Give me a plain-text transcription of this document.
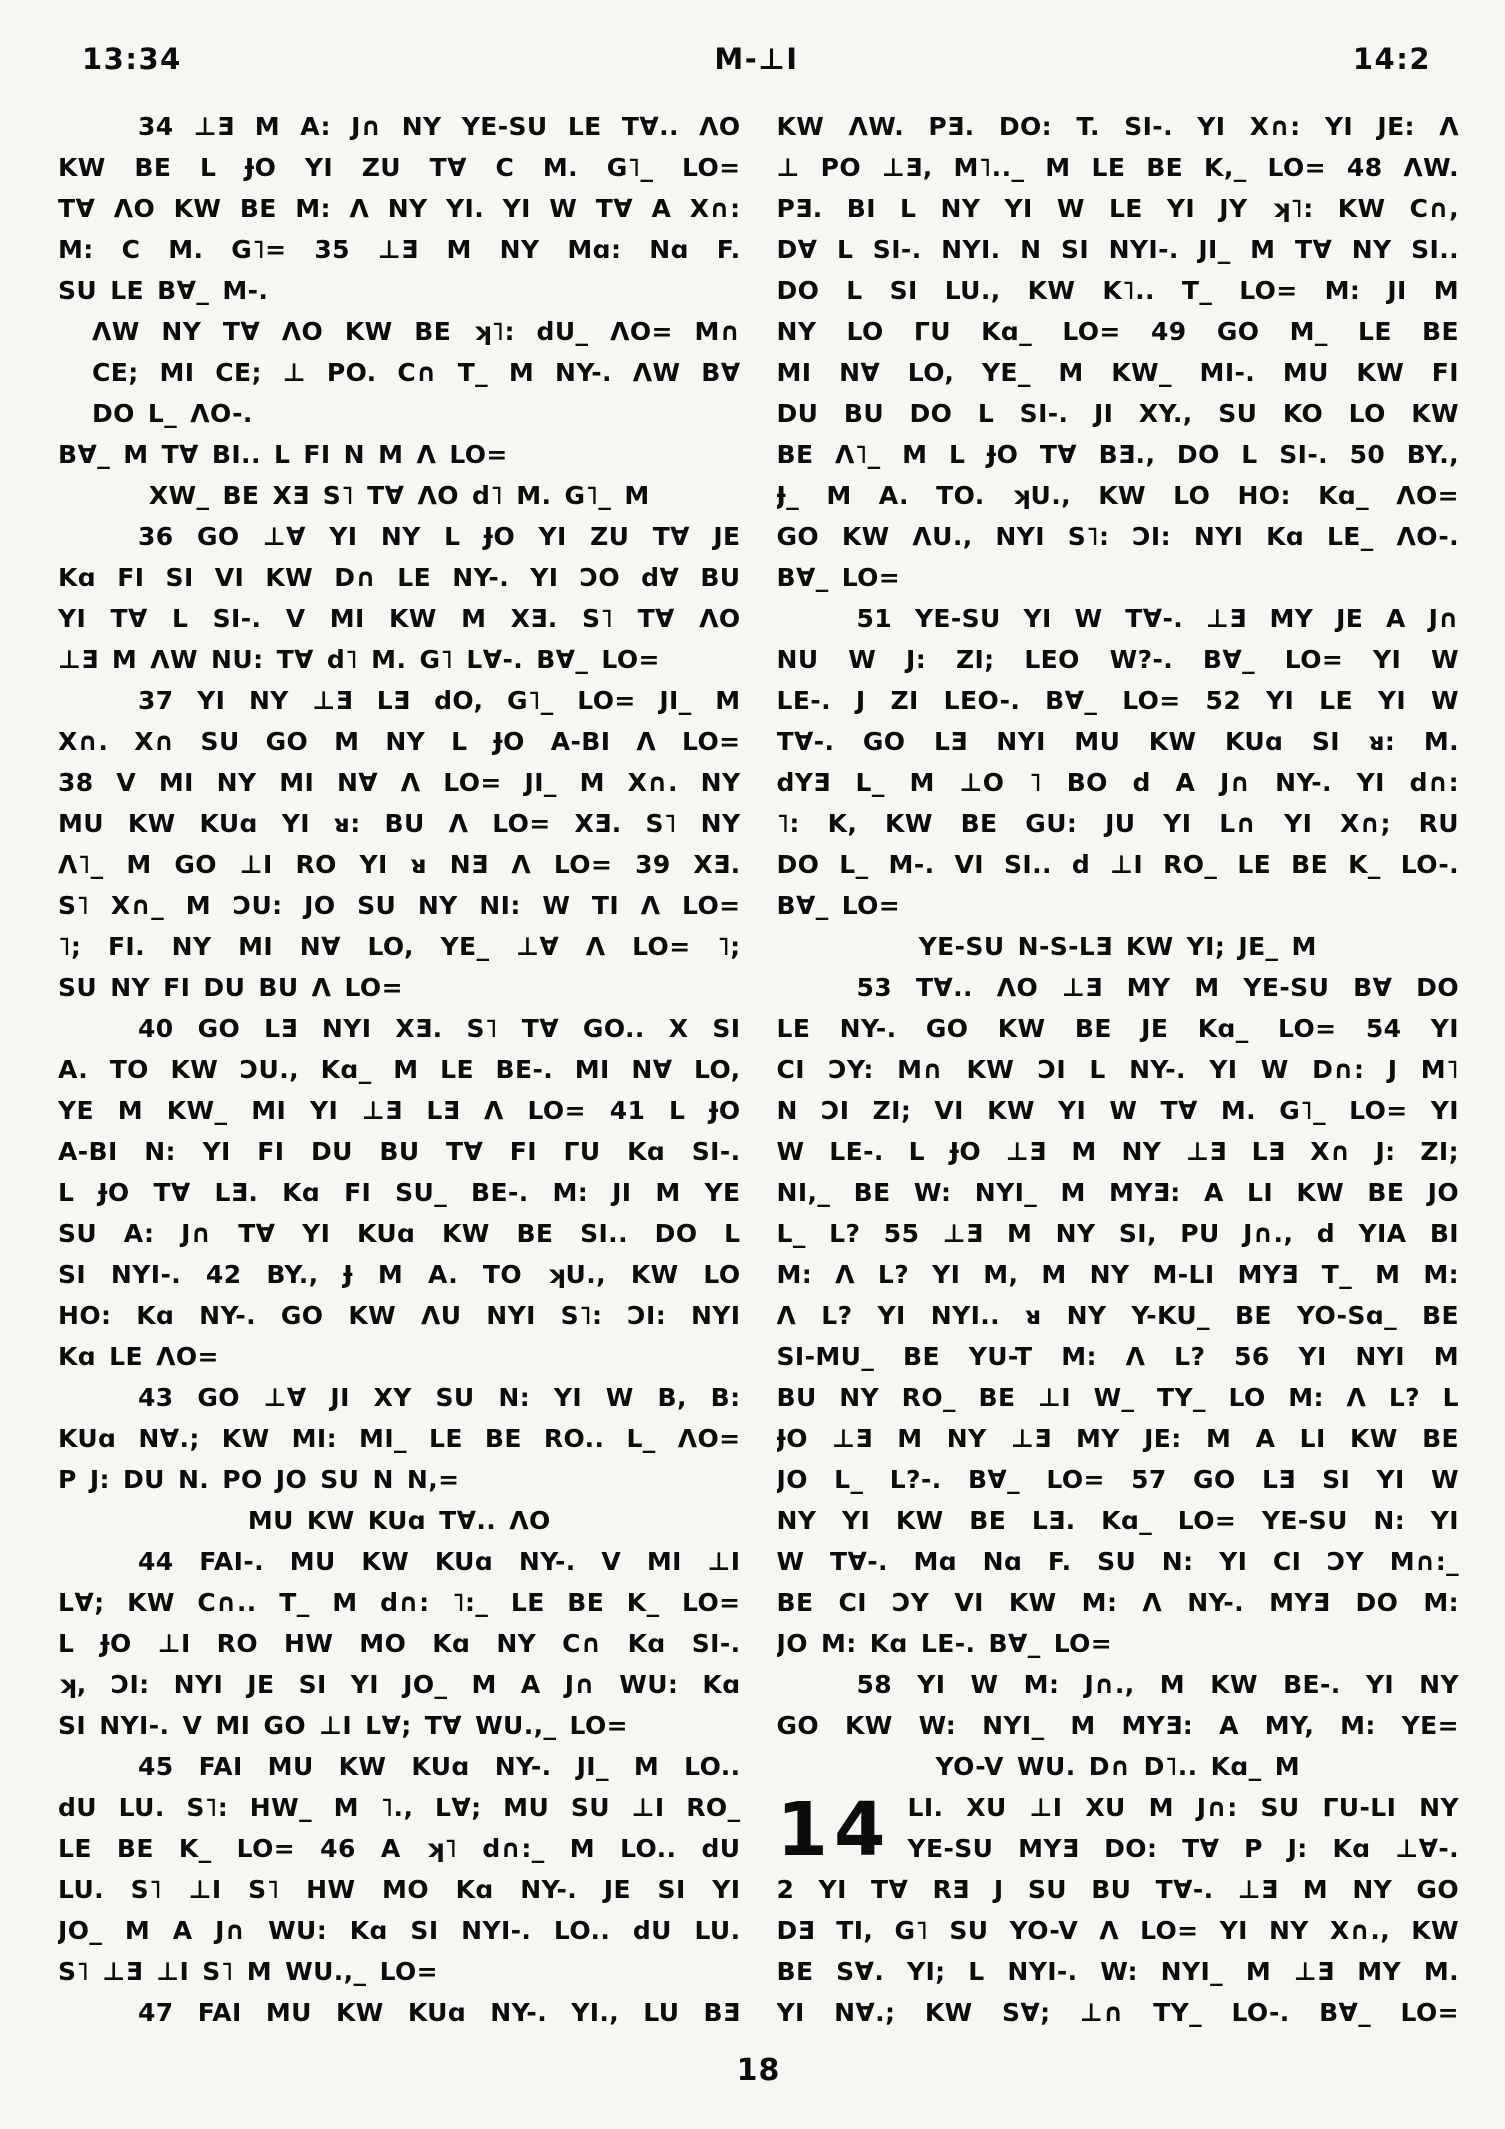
13:34	M-⊥I	14:2
34 ⊥Ǝ M A: J∩ NY YE-SU LE T∀.. ΛO
KW BE L ɈO YI ZU T∀ C M. G˥_ LO=
T∀ ΛO KW BE M: Λ NY YI. YI W T∀ A X∩:
M: C M. G˥= 35 ⊥Ǝ M NY Mɑ: Nɑ F.
SU LE B∀_ M-.
ΛW NY T∀ ΛO KW BE ʞ˥: dU_ ΛO= M∩
CE; MI CE; ⊥ PO. C∩ T_ M NY-. ΛW B∀
DO L_ ΛO-.
B∀_ M T∀ BI.. L FI N M Λ LO=
XW_ BE XƎ S˥ T∀ ΛO d˥ M. G˥_ M
36 GO ⊥∀ YI NY L ɈO YI ZU T∀ JE
Kɑ FI SI VI KW D∩ LE NY-. YI ƆO d∀ BU
YI T∀ L SI-. V MI KW M XƎ. S˥ T∀ ΛO
⊥Ǝ M ΛW NU: T∀ d˥ M. G˥ L∀-. B∀_ LO=
37 YI NY ⊥Ǝ LƎ dO, G˥_ LO= JI_ M
X∩. X∩ SU GO M NY L ɈO A-BI Λ LO=
38 V MI NY MI N∀ Λ LO= JI_ M X∩. NY
MU KW KUɑ YI ᴚ: BU Λ LO= XƎ. S˥ NY
Λ˥_ M GO ⊥I RO YI ᴚ NƎ Λ LO= 39 XƎ.
S˥ X∩_ M ƆU: JO SU NY NI: W TI Λ LO=
˥; FI. NY MI N∀ LO, YE_ ⊥∀ Λ LO= ˥;
SU NY FI DU BU Λ LO=
40 GO LƎ NYI XƎ. S˥ T∀ GO.. X SI
A. TO KW ƆU., Kɑ_ M LE BE-. MI N∀ LO,
YE M KW_ MI YI ⊥Ǝ LƎ Λ LO= 41 L ɈO
A-BI N: YI FI DU BU T∀ FI ΓU Kɑ SI-.
L ɈO T∀ LƎ. Kɑ FI SU_ BE-. M: JI M YE
SU A: J∩ T∀ YI KUɑ KW BE SI.. DO L
SI NYI-. 42 BY., Ɉ M A. TO ʞU., KW LO
HO: Kɑ NY-. GO KW ΛU NYI S˥: ƆI: NYI
Kɑ LE ΛO=
43 GO ⊥∀ JI XY SU N: YI W B, B:
KUɑ N∀.; KW MI: MI_ LE BE RO.. L_ ΛO=
P J: DU N. PO JO SU N N,=
MU KW KUɑ T∀.. ΛO
44 FAI-. MU KW KUɑ NY-. V MI ⊥I
L∀; KW C∩.. T_ M d∩: ˥:_ LE BE K_ LO=
L ɈO ⊥I RO HW MO Kɑ NY C∩ Kɑ SI-.
ʞ, ƆI: NYI JE SI YI JO_ M A J∩ WU: Kɑ
SI NYI-. V MI GO ⊥I L∀; T∀ WU.,_ LO=
45 FAI MU KW KUɑ NY-. JI_ M LO..
dU LU. S˥: HW_ M ˥., L∀; MU SU ⊥I RO_
LE BE K_ LO= 46 A ʞ˥ d∩:_ M LO.. dU
LU. S˥ ⊥I S˥ HW MO Kɑ NY-. JE SI YI
JO_ M A J∩ WU: Kɑ SI NYI-. LO.. dU LU.
S˥ ⊥Ǝ ⊥I S˥ M WU.,_ LO=
47 FAI MU KW KUɑ NY-. YI., LU BƎ
KW ΛW. PƎ. DO: T. SI-. YI X∩: YI JE: Λ
⊥ PO ⊥Ǝ, M˥.._ M LE BE K,_ LO= 48 ΛW.
PƎ. BI L NY YI W LE YI JY ʞ˥: KW C∩,
D∀ L SI-. NYI. N SI NYI-. JI_ M T∀ NY SI..
DO L SI LU., KW K˥.. T_ LO= M: JI M
NY LO ΓU Kɑ_ LO= 49 GO M_ LE BE
MI N∀ LO, YE_ M KW_ MI-. MU KW FI
DU BU DO L SI-. JI XY., SU KO LO KW
BE Λ˥_ M L ɈO T∀ BƎ., DO L SI-. 50 BY.,
Ɉ_ M A. TO. ʞU., KW LO HO: Kɑ_ ΛO=
GO KW ΛU., NYI S˥: ƆI: NYI Kɑ LE_ ΛO-.
B∀_ LO=
51 YE-SU YI W T∀-. ⊥Ǝ MY JE A J∩
NU W J: ZI; LEO W?-. B∀_ LO= YI W
LE-. J ZI LEO-. B∀_ LO= 52 YI LE YI W
T∀-. GO LƎ NYI MU KW KUɑ SI ᴚ: M.
dYƎ L_ M ⊥O ˥ BO d A J∩ NY-. YI d∩:
˥: K, KW BE GU: JU YI L∩ YI X∩; RU
DO L_ M-. VI SI.. d ⊥I RO_ LE BE K_ LO-.
B∀_ LO=
YE-SU N-S-LƎ KW YI; JE_ M
53 T∀.. ΛO ⊥Ǝ MY M YE-SU B∀ DO
LE NY-. GO KW BE JE Kɑ_ LO= 54 YI
CI ƆY: M∩ KW ƆI L NY-. YI W D∩: J M˥
N ƆI ZI; VI KW YI W T∀ M. G˥_ LO= YI
W LE-. L ɈO ⊥Ǝ M NY ⊥Ǝ LƎ X∩ J: ZI;
NI,_ BE W: NYI_ M MYƎ: A LI KW BE JO
L_ L? 55 ⊥Ǝ M NY SI, PU J∩., d YIA BI
M: Λ L? YI M, M NY M-LI MYƎ T_ M M:
Λ L? YI NYI.. ᴚ NY Y-KU_ BE YO-Sɑ_ BE
SI-MU_ BE YU-T M: Λ L? 56 YI NYI M
BU NY RO_ BE ⊥I W_ TY_ LO M: Λ L? L
ɈO ⊥Ǝ M NY ⊥Ǝ MY JE: M A LI KW BE
JO L_ L?-. B∀_ LO= 57 GO LƎ SI YI W
NY YI KW BE LƎ. Kɑ_ LO= YE-SU N: YI
W T∀-. Mɑ Nɑ F. SU N: YI CI ƆY M∩:_
BE CI ƆY VI KW M: Λ NY-. MYƎ DO M:
JO M: Kɑ LE-. B∀_ LO=
58 YI W M: J∩., M KW BE-. YI NY
GO KW W: NYI_ M MYƎ: A MY, M: YE=
YO-V WU. D∩ D˥.. Kɑ_ M
14 LI. XU ⊥I XU M J∩: SU ΓU-LI NY
YE-SU MYƎ DO: T∀ P J: Kɑ ⊥∀-.
2 YI T∀ RƎ J SU BU T∀-. ⊥Ǝ M NY GO
DƎ TI, G˥ SU YO-V Λ LO= YI NY X∩., KW
BE S∀. YI; L NYI-. W: NYI_ M ⊥Ǝ MY M.
YI N∀.; KW S∀; ⊥∩ TY_ LO-. B∀_ LO=
18
